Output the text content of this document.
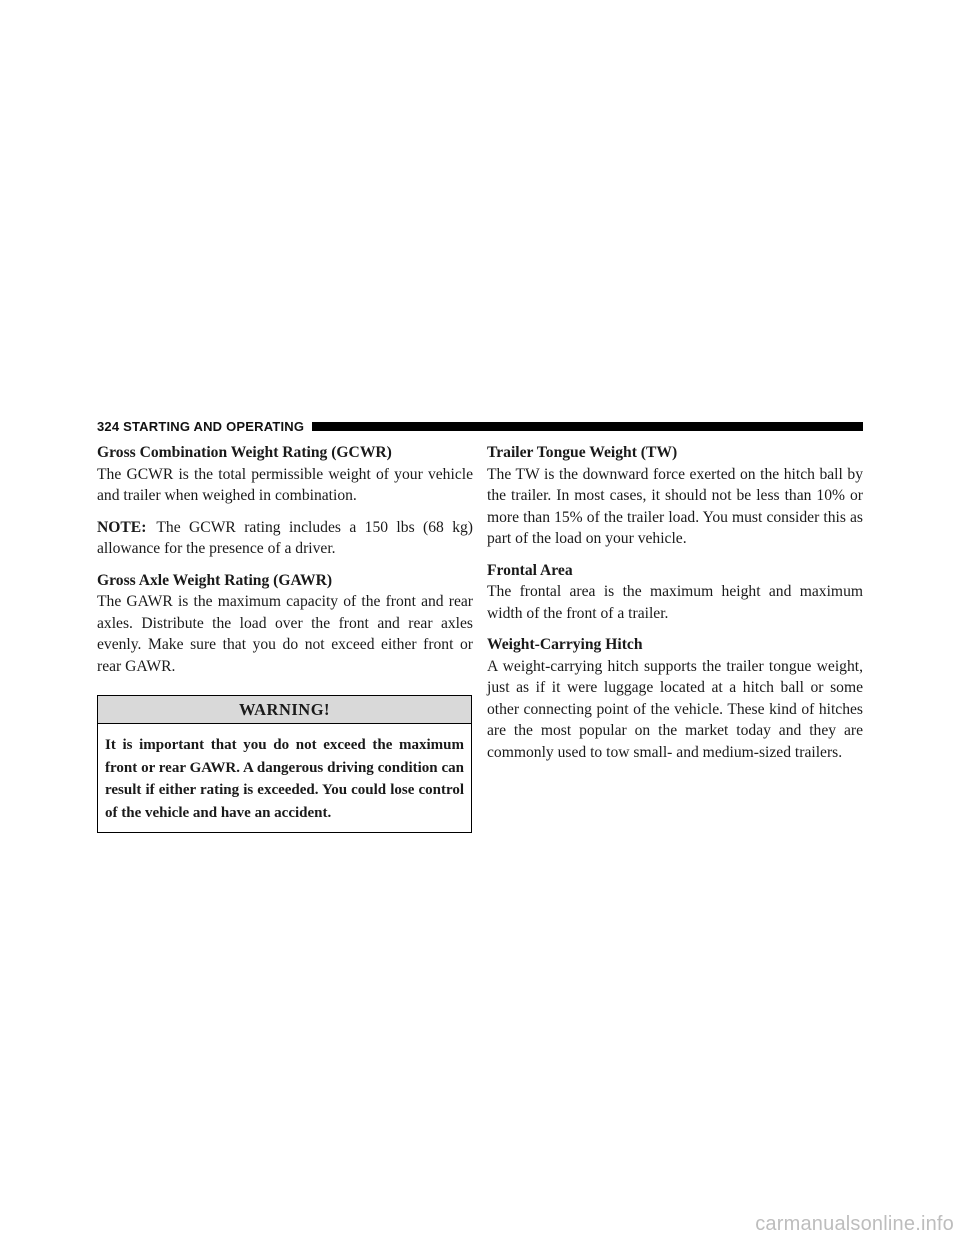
324 STARTING AND OPERATING
Gross Combination Weight Rating (GCWR)

The GCWR is the total permissible weight of your vehicle and trailer when weighed in combination.

NOTE: The GCWR rating includes a 150 lbs (68 kg) allowance for the presence of a driver.

Gross Axle Weight Rating (GAWR)

The GAWR is the maximum capacity of the front and rear axles. Distribute the load over the front and rear axles evenly. Make sure that you do not exceed either front or rear GAWR.

WARNING!
It is important that you do not exceed the maximum front or rear GAWR. A dangerous driving condition can result if either rating is exceeded. You could lose control of the vehicle and have an accident.
Trailer Tongue Weight (TW)

The TW is the downward force exerted on the hitch ball by the trailer. In most cases, it should not be less than 10% or more than 15% of the trailer load. You must consider this as part of the load on your vehicle.

Frontal Area

The frontal area is the maximum height and maximum width of the front of a trailer.

Weight-Carrying Hitch

A weight-carrying hitch supports the trailer tongue weight, just as if it were luggage located at a hitch ball or some other connecting point of the vehicle. These kind of hitches are the most popular on the market today and they are commonly used to tow small- and medium-sized trailers.

carmanualsonline.info
